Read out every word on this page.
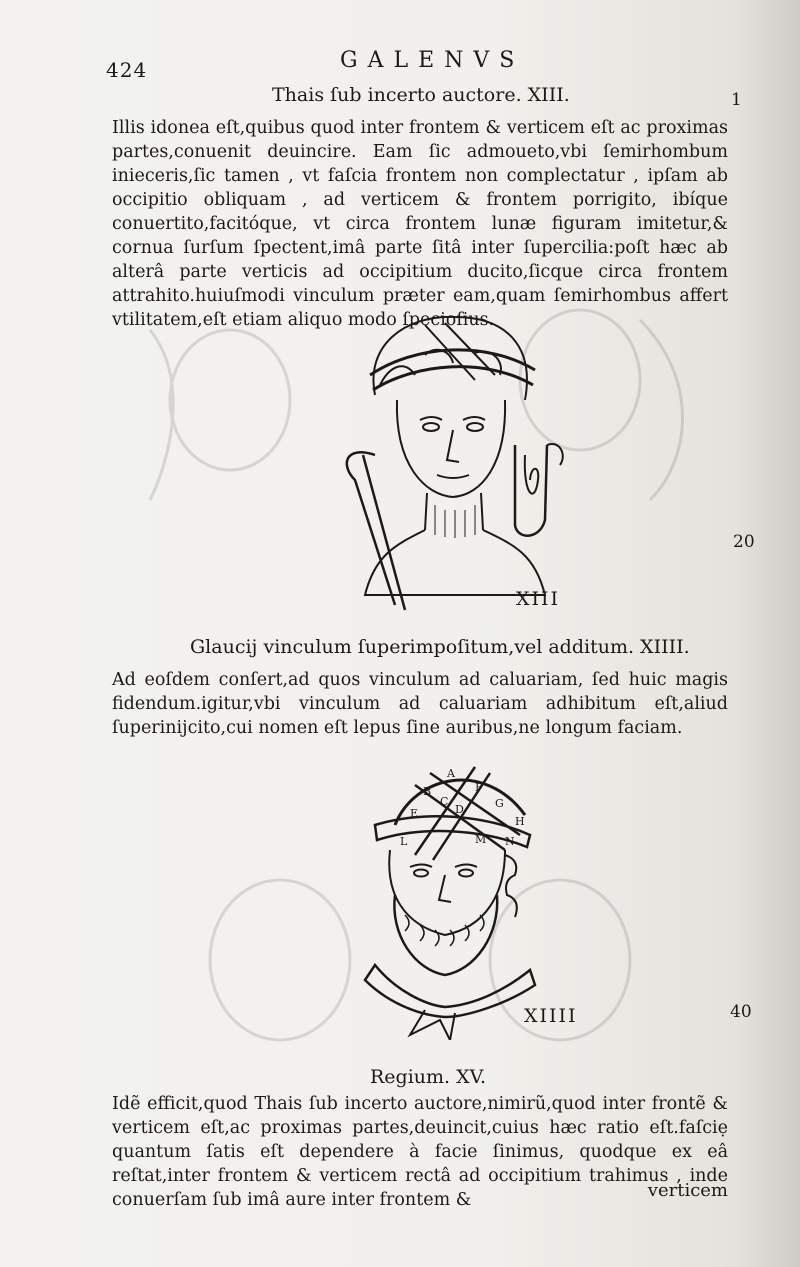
424	GALENVS
1
20
40
Thais ſub incerto auctore. XIII.

Illis idonea eſt,quibus quod inter frontem & verticem eſt ac proximas partes,conuenit deuincire. Eam ſic admoueto,vbi ſemirhombum inieceris,ſic tamen , vt faſcia frontem non complectatur , ipſam ab occipitio obliquam , ad verticem & frontem porrigito, ibíque conuertito,facitóque, vt circa frontem lunæ figuram imitetur,& cornua ſurſum ſpectent,imâ parte ſitâ inter ſupercilia:poſt hæc ab alterâ parte verticis ad occipitium ducito,ſicque circa frontem attrahito.huiuſmodi vinculum præter eam,quam ſemirhombus affert vtilitatem,eſt etiam aliquo modo ſpecioſius.

XIII
Glaucij vinculum ſuperimpoſitum,vel additum. XIIII.

Ad eoſdem conſert,ad quos vinculum ad caluariam, ſed huic magis fidendum.igitur,vbi vinculum ad caluariam adhibitum eſt,aliud ſuperinijcito,cui nomen eſt lepus ſine auribus,ne longum faciam.

A
F
B
C	G
H
D
E
L	M N
XIIII
Regium. XV.

Idẽ efficit,quod Thais ſub incerto auctore,nimirũ,quod inter frontẽ & verticem eſt,ac proximas partes,deuincit,cuius hæc ratio eſt.faſciẹ quantum ſatis eſt dependere à facie ſinimus, quodque ex eâ reſtat,inter frontem & verticem rectâ ad occipitium trahimus , inde conuerſam ſub imâ aure inter frontem &	verticem
